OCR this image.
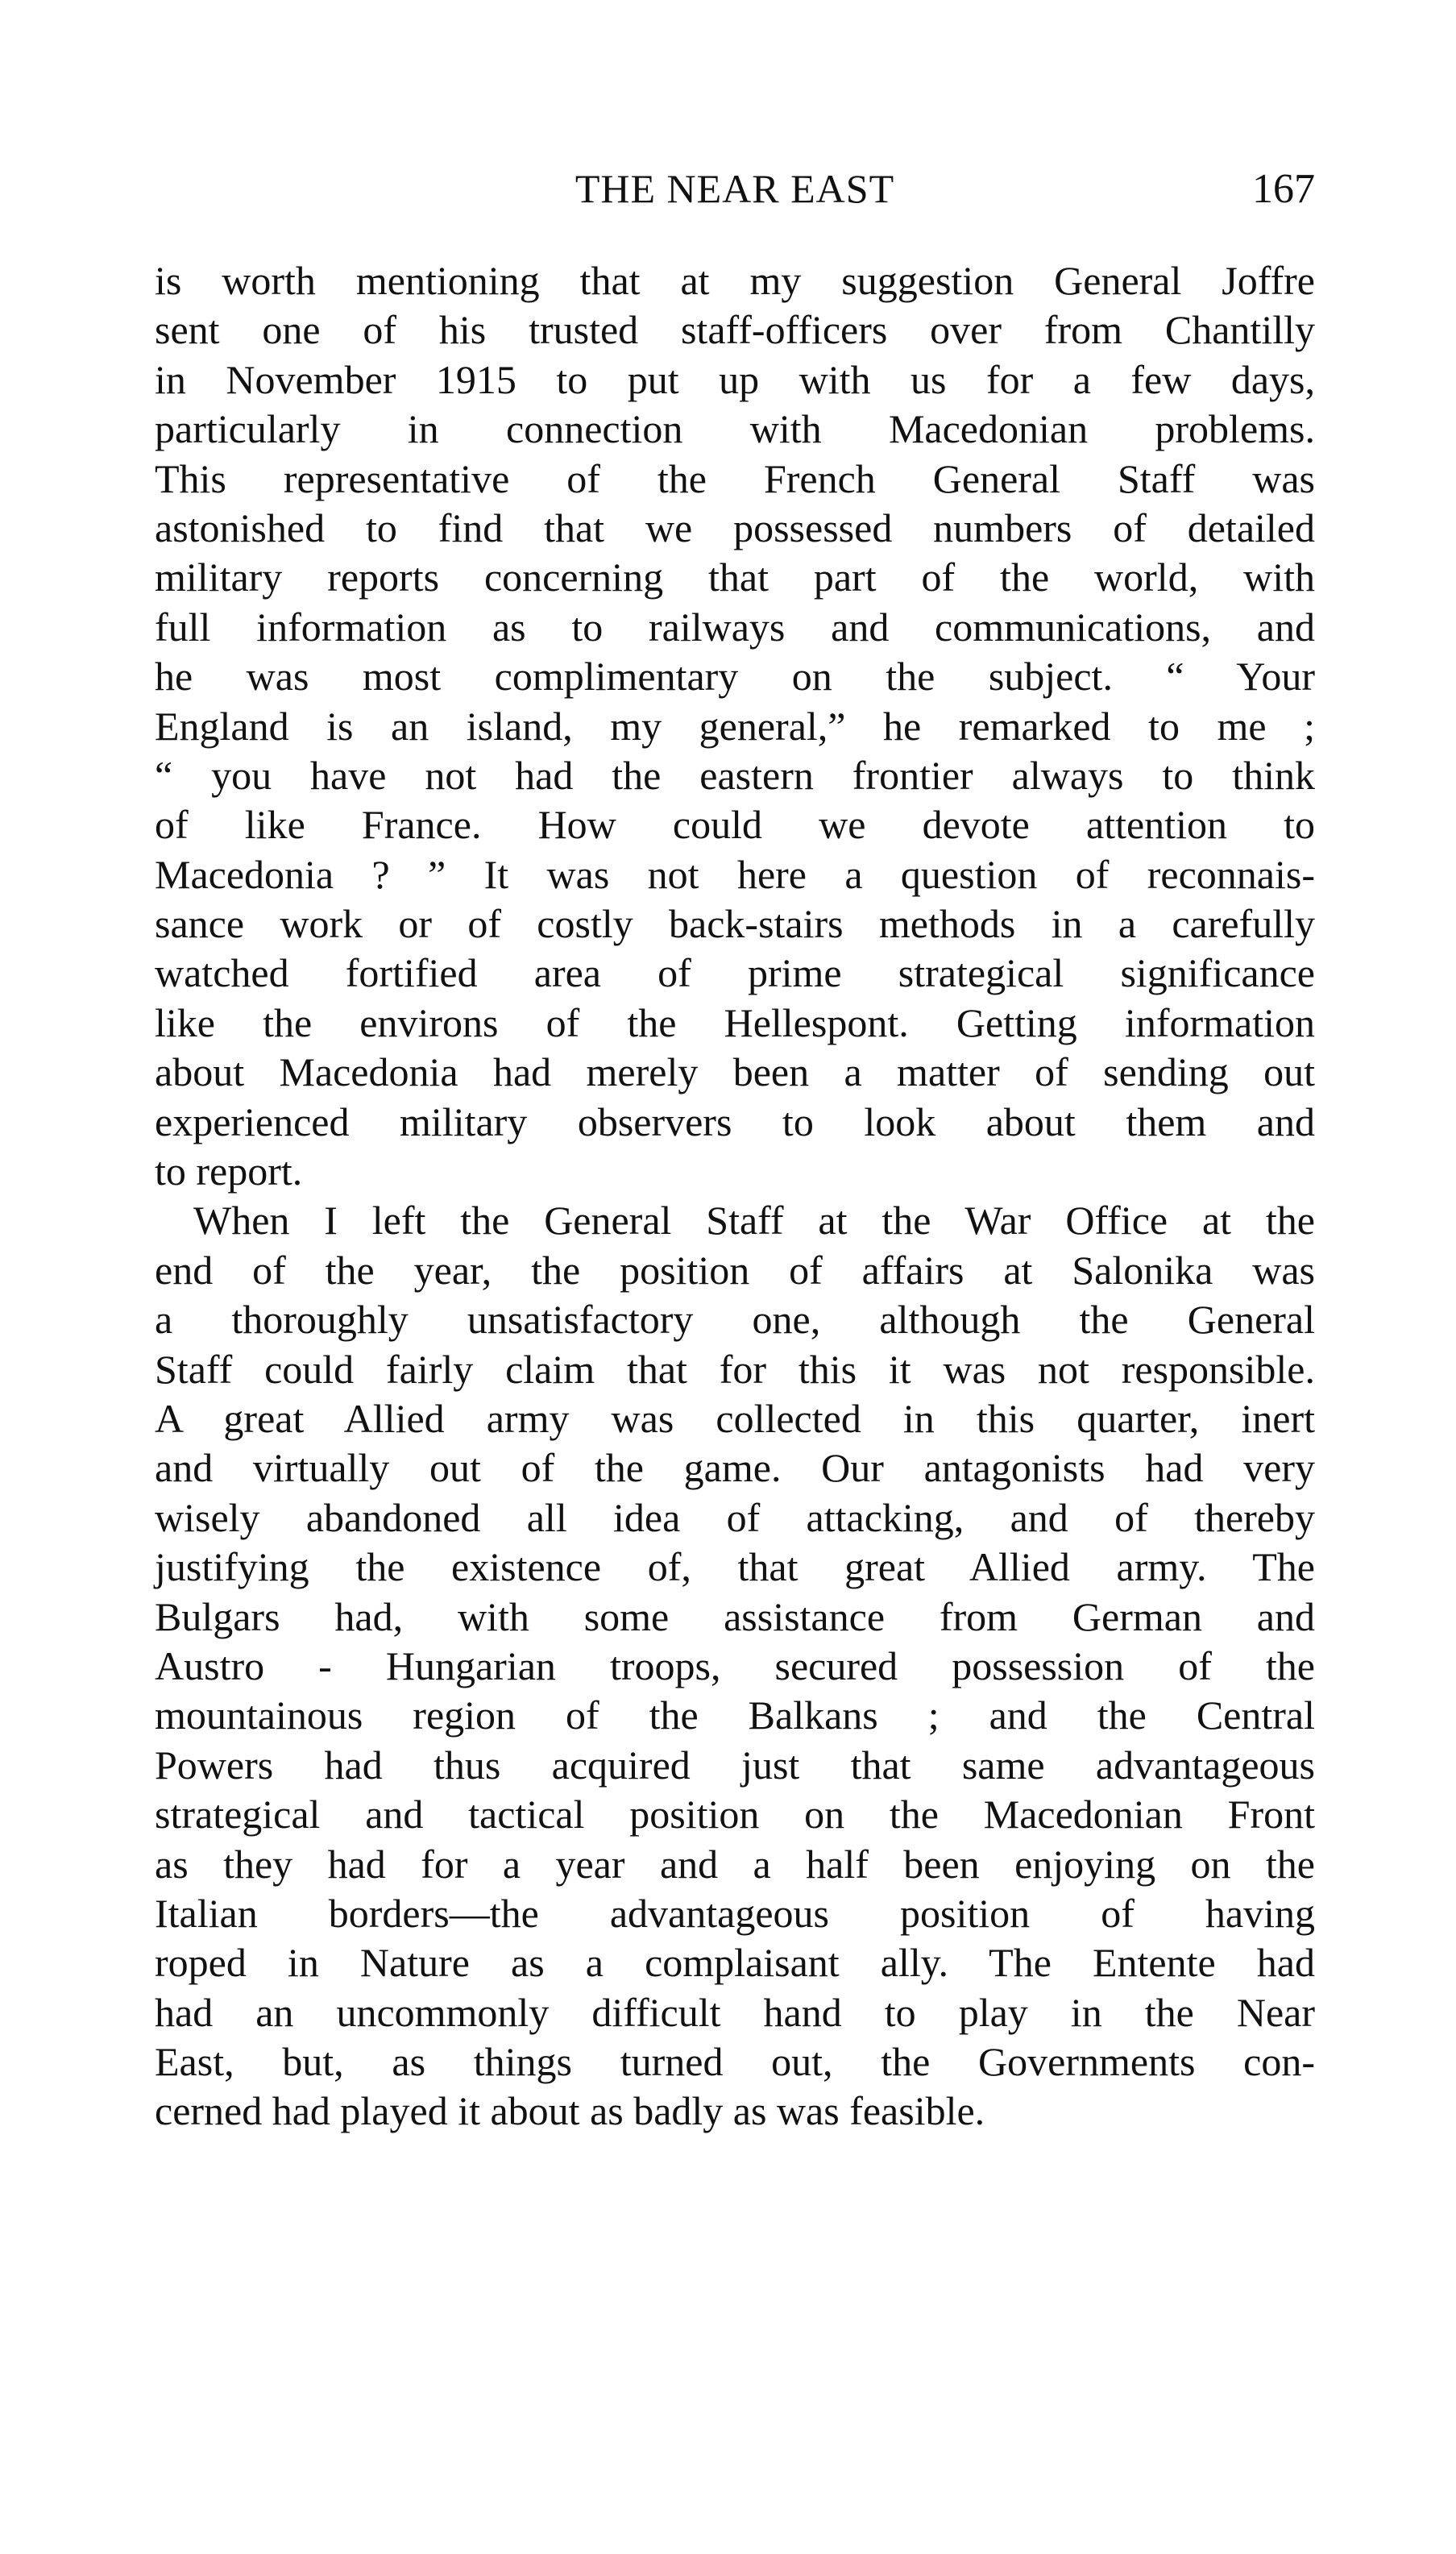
THE NEAR EAST	167
is worth mentioning that at my suggestion General Joffre
sent one of his trusted staff-officers over from Chantilly
in November 1915 to put up with us for a few days,
particularly in connection with Macedonian problems.
This representative of the French General Staff was
astonished to find that we possessed numbers of detailed
military reports concerning that part of the world, with
full information as to railways and communications, and
he was most complimentary on the subject. “ Your
England is an island, my general,” he remarked to me ;
“ you have not had the eastern frontier always to think
of like France. How could we devote attention to
Macedonia ? ” It was not here a question of reconnais-
sance work or of costly back-stairs methods in a carefully
watched fortified area of prime strategical significance
like the environs of the Hellespont. Getting information
about Macedonia had merely been a matter of sending out
experienced military observers to look about them and
to report.
When I left the General Staff at the War Office at the
end of the year, the position of affairs at Salonika was
a thoroughly unsatisfactory one, although the General
Staff could fairly claim that for this it was not responsible.
A great Allied army was collected in this quarter, inert
and virtually out of the game. Our antagonists had very
wisely abandoned all idea of attacking, and of thereby
justifying the existence of, that great Allied army. The
Bulgars had, with some assistance from German and
Austro - Hungarian troops, secured possession of the
mountainous region of the Balkans ; and the Central
Powers had thus acquired just that same advantageous
strategical and tactical position on the Macedonian Front
as they had for a year and a half been enjoying on the
Italian borders—the advantageous position of having
roped in Nature as a complaisant ally. The Entente had
had an uncommonly difficult hand to play in the Near
East, but, as things turned out, the Governments con-
cerned had played it about as badly as was feasible.
